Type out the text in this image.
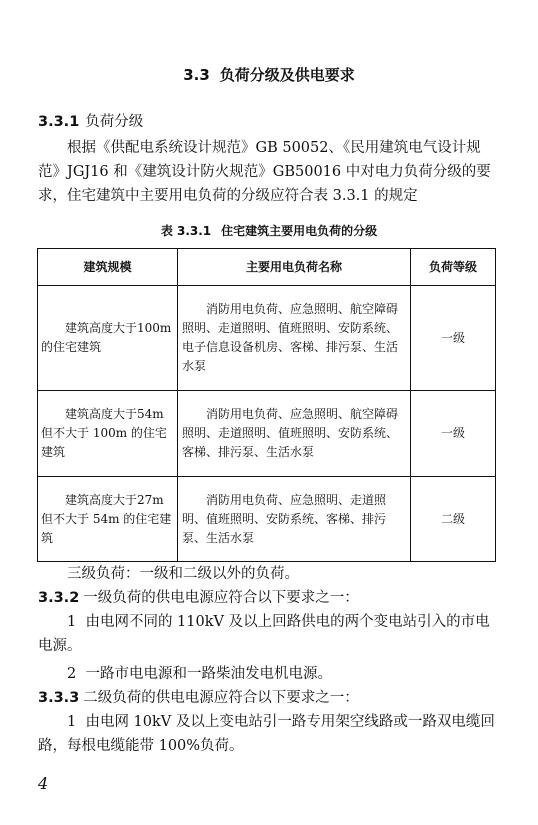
3.3 负荷分级及供电要求
3.3.1 负荷分级
根据《供配电系统设计规范》GB 50052、《民用建筑电气设计规范》JGJ16 和《建筑设计防火规范》GB50016 中对电力负荷分级的要求，住宅建筑中主要用电负荷的分级应符合表 3.3.1 的规定
表 3.3.1 住宅建筑主要用电负荷的分级
建筑规模	主要用电负荷名称	负荷等级

建筑高度大于100m的住宅建筑	消防用电负荷、应急照明、航空障碍照明、走道照明、值班照明、安防系统、电子信息设备机房、客梯、排污泵、生活水泵	一级

建筑高度大于54m但不大于 100m 的住宅建筑	消防用电负荷、应急照明、航空障碍照明、走道照明、值班照明、安防系统、客梯、排污泵、生活水泵	一级

建筑高度大于27m但不大于 54m 的住宅建筑	消防用电负荷、应急照明、走道照明、值班照明、安防系统、客梯、排污泵、生活水泵	二级
三级负荷：一级和二级以外的负荷。
3.3.2 一级负荷的供电电源应符合以下要求之一：
1 由电网不同的 110kV 及以上回路供电的两个变电站引入的市电电源。
2 一路市电电源和一路柴油发电机电源。
3.3.3 二级负荷的供电电源应符合以下要求之一：
1 由电网 10kV 及以上变电站引一路专用架空线路或一路双电缆回路，每根电缆能带 100%负荷。
4
